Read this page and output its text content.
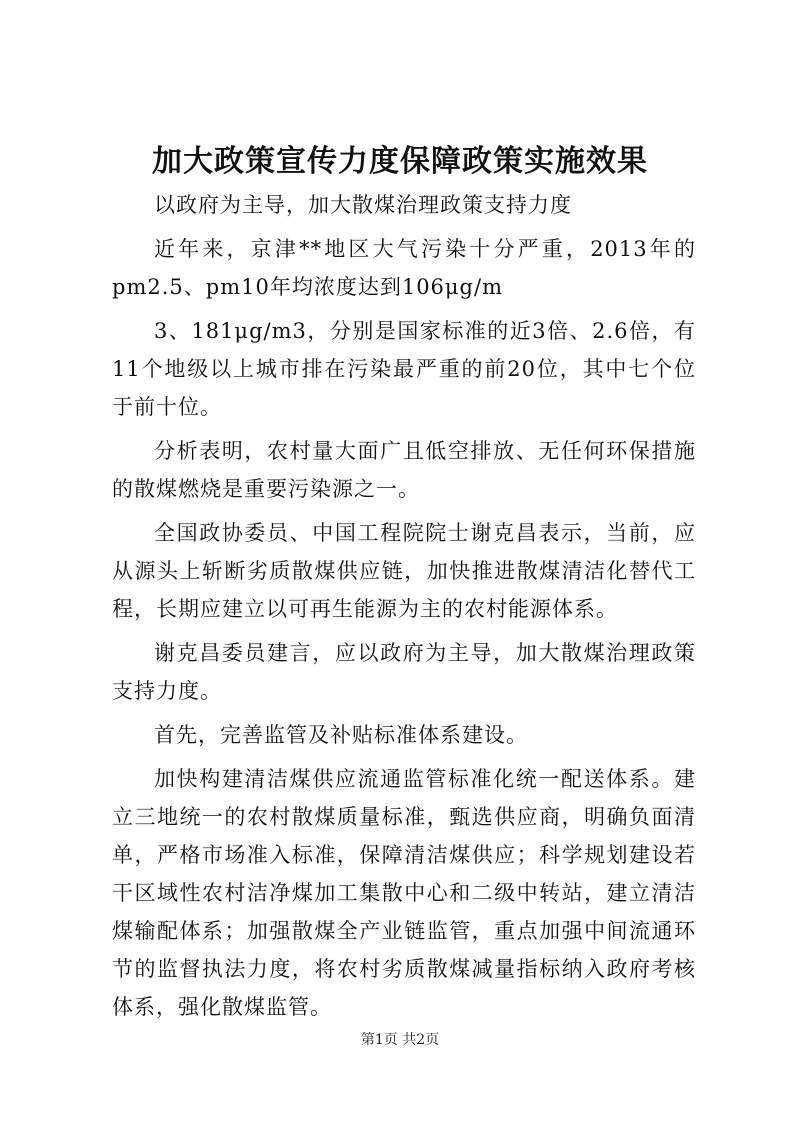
加大政策宣传力度保障政策实施效果

以政府为主导，加大散煤治理政策支持力度

近年来，京津**地区大气污染十分严重，2013年的pm2.5、pm10年均浓度达到106μg/m

3、181μg/m3，分别是国家标准的近3倍、2.6倍，有11个地级以上城市排在污染最严重的前20位，其中七个位于前十位。

分析表明，农村量大面广且低空排放、无任何环保措施的散煤燃烧是重要污染源之一。

全国政协委员、中国工程院院士谢克昌表示，当前，应从源头上斩断劣质散煤供应链，加快推进散煤清洁化替代工程，长期应建立以可再生能源为主的农村能源体系。

谢克昌委员建言，应以政府为主导，加大散煤治理政策支持力度。

首先，完善监管及补贴标准体系建设。

加快构建清洁煤供应流通监管标准化统一配送体系。建立三地统一的农村散煤质量标准，甄选供应商，明确负面清单，严格市场准入标准，保障清洁煤供应；科学规划建设若干区域性农村洁净煤加工集散中心和二级中转站，建立清洁煤输配体系；加强散煤全产业链监管，重点加强中间流通环节的监督执法力度，将农村劣质散煤减量指标纳入政府考核体系，强化散煤监管。

第1页 共2页
